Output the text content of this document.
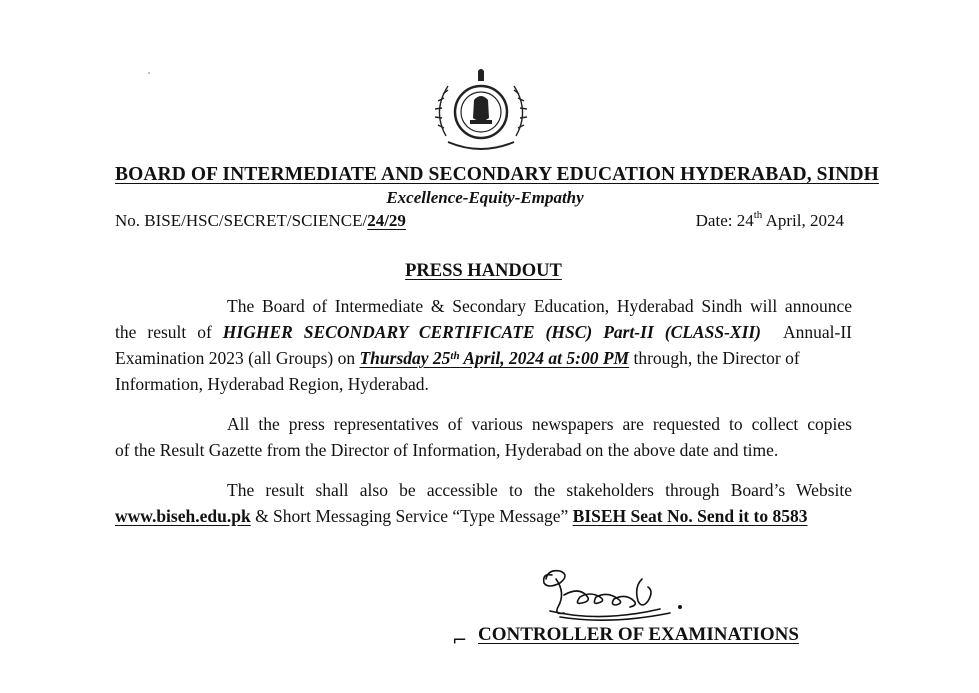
BOARD OF INTERMEDIATE AND SECONDARY EDUCATION HYDERABAD, SINDH
Excellence-Equity-Empathy
No. BISE/HSC/SECRET/SCIENCE/24/29	Date: 24th April, 2024
PRESS HANDOUT
The Board of Intermediate & Secondary Education, Hyderabad Sindh will announce
the result of HIGHER SECONDARY CERTIFICATE (HSC) Part-II (CLASS-XII) Annual-II
Examination 2023 (all Groups) on Thursday 25th April, 2024 at 5:00 PM through, the Director of
Information, Hyderabad Region, Hyderabad.
All the press representatives of various newspapers are requested to collect copies
of the Result Gazette from the Director of Information, Hyderabad on the above date and time.
The result shall also be accessible to the stakeholders through Board’s Website
www.biseh.edu.pk & Short Messaging Service “Type Message” BISEH Seat No. Send it to 8583
⌐ CONTROLLER OF EXAMINATIONS
